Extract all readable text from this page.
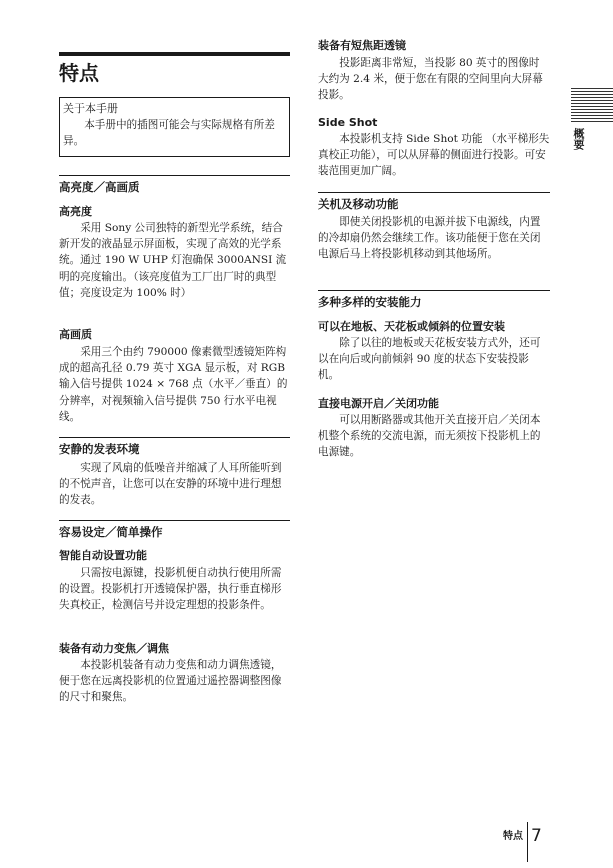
特点
关于本手册

本手册中的插图可能会与实际规格有所差异。

高亮度／高画质
高亮度

采用 Sony 公司独特的新型光学系统，结合新开发的液晶显示屏面板，实现了高效的光学系统。通过 190 W UHP 灯泡确保 3000ANSI 流明的亮度输出。（该亮度值为工厂出厂时的典型值；亮度设定为 100% 时）

高画质

采用三个由约 790000 像素微型透镜矩阵构成的超高孔径 0.79 英寸 XGA 显示板，对 RGB 输入信号提供 1024 × 768 点（水平／垂直）的分辨率，对视频输入信号提供 750 行水平电视线。

安静的发表环境

实现了风扇的低噪音并缩减了人耳所能听到的不悦声音，让您可以在安静的环境中进行理想的发表。

容易设定／简单操作
智能自动设置功能

只需按电源键，投影机便自动执行使用所需的设置。投影机打开透镜保护器，执行垂直梯形失真校正，检测信号并设定理想的投影条件。

装备有动力变焦／调焦

本投影机装备有动力变焦和动力调焦透镜，便于您在远离投影机的位置通过遥控器调整图像的尺寸和聚焦。

装备有短焦距透镜

投影距离非常短，当投影 80 英寸的图像时大约为 2.4 米，便于您在有限的空间里向大屏幕投影。

Side Shot

本投影机支持 Side Shot 功能 （水平梯形失真校正功能），可以从屏幕的侧面进行投影。可安装范围更加广阔。

关机及移动功能

即使关闭投影机的电源并拔下电源线，内置的冷却扇仍然会继续工作。该功能便于您在关闭电源后马上将投影机移动到其他场所。

多种多样的安装能力
可以在地板、天花板或倾斜的位置安装

除了以往的地板或天花板安装方式外，还可以在向后或向前倾斜 90 度的状态下安装投影机。

直接电源开启／关闭功能

可以用断路器或其他开关直接开启／关闭本机整个系统的交流电源，而无须按下投影机上的电源键。

概要
特点 7
